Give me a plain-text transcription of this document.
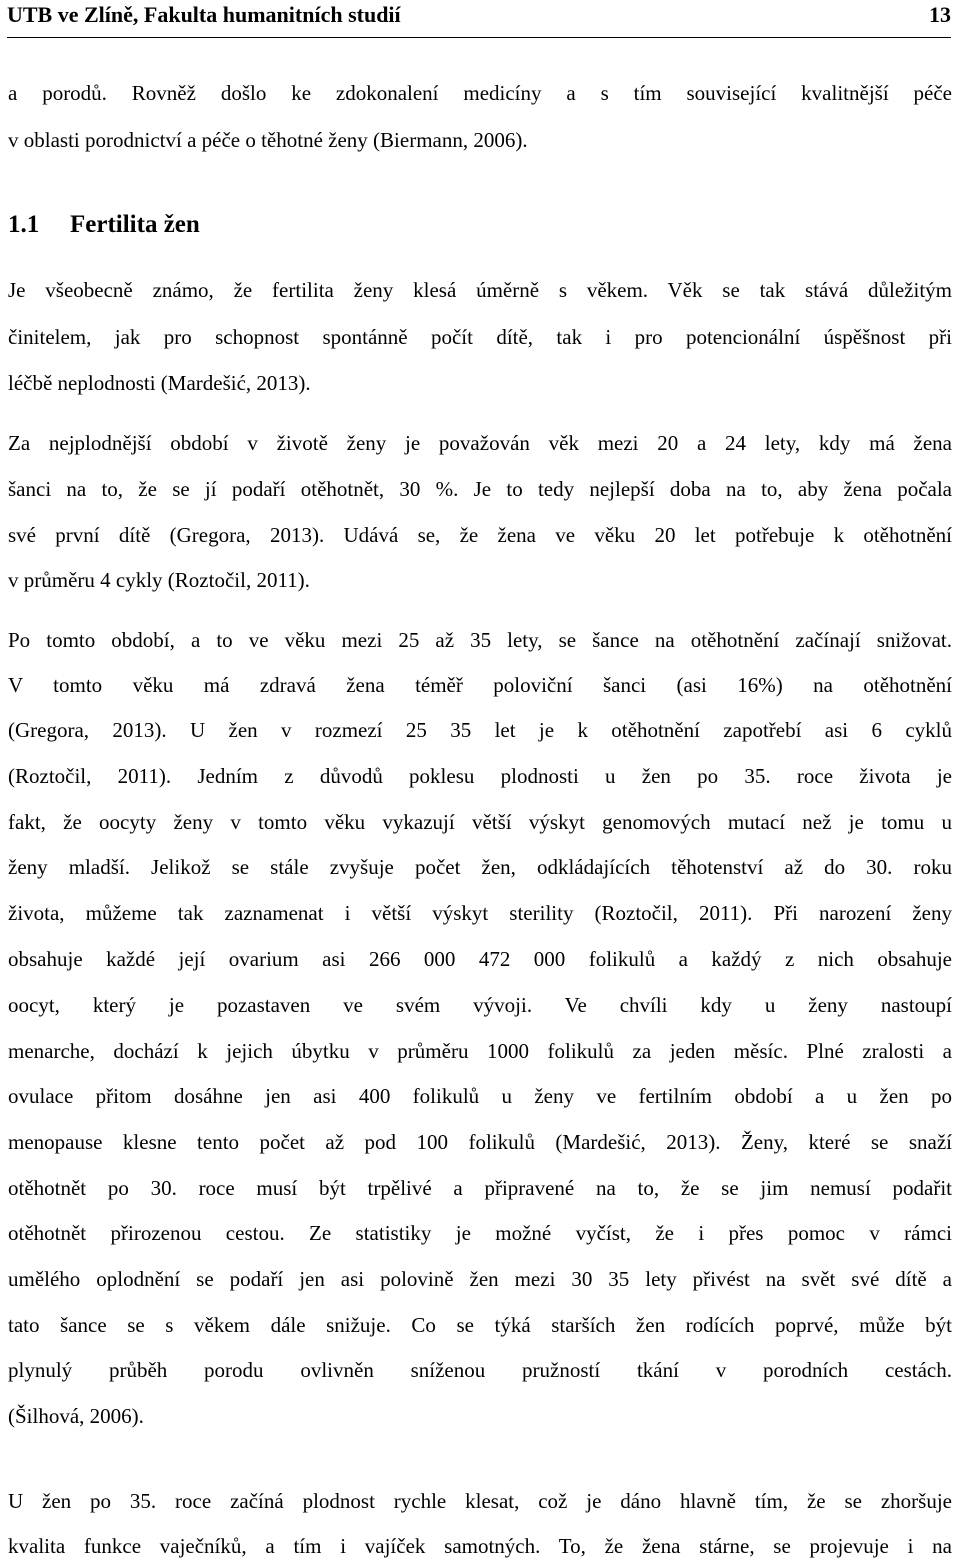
UTB ve Zlíně, Fakulta humanitních studií	13
a porodů. Rovněž došlo ke zdokonalení medicíny a s tím související kvalitnější péče
v oblasti porodnictví a péče o těhotné ženy (Biermann, 2006).
1.1 Fertilita žen
Je všeobecně známo, že fertilita ženy klesá úměrně s věkem. Věk se tak stává důležitým
činitelem, jak pro schopnost spontánně počít dítě, tak i pro potencionální úspěšnost při
léčbě neplodnosti (Mardešić, 2013).
Za nejplodnější období v životě ženy je považován věk mezi 20 a 24 lety, kdy má žena
šanci na to, že se jí podaří otěhotnět, 30 %. Je to tedy nejlepší doba na to, aby žena počala
své první dítě (Gregora, 2013). Udává se, že žena ve věku 20 let potřebuje k otěhotnění
v průměru 4 cykly (Roztočil, 2011).
Po tomto období, a to ve věku mezi 25 až 35 lety, se šance na otěhotnění začínají snižovat.
V tomto věku má zdravá žena téměř poloviční šanci (asi 16%) na otěhotnění
(Gregora, 2013). U žen v rozmezí 25 35 let je k otěhotnění zapotřebí asi 6 cyklů
(Roztočil, 2011). Jedním z důvodů poklesu plodnosti u žen po 35. roce života je
fakt, že oocyty ženy v tomto věku vykazují větší výskyt genomových mutací než je tomu u
ženy mladší. Jelikož se stále zvyšuje počet žen, odkládajících těhotenství až do 30. roku
života, můžeme tak zaznamenat i větší výskyt sterility (Roztočil, 2011). Při narození ženy
obsahuje každé její ovarium asi 266 000 472 000 folikulů a každý z nich obsahuje
oocyt, který je pozastaven ve svém vývoji. Ve chvíli kdy u ženy nastoupí
menarche, dochází k jejich úbytku v průměru 1000 folikulů za jeden měsíc. Plné zralosti a
ovulace přitom dosáhne jen asi 400 folikulů u ženy ve fertilním období a u žen po
menopause klesne tento počet až pod 100 folikulů (Mardešić, 2013). Ženy, které se snaží
otěhotnět po 30. roce musí být trpělivé a připravené na to, že se jim nemusí podařit
otěhotnět přirozenou cestou. Ze statistiky je možné vyčíst, že i přes pomoc v rámci
umělého oplodnění se podaří jen asi polovině žen mezi 30 35 lety přivést na svět své dítě a
tato šance se s věkem dále snižuje. Co se týká starších žen rodících poprvé, může být
plynulý průběh porodu ovlivněn sníženou pružností tkání v porodních cestách.
(Šilhová, 2006).
U žen po 35. roce začíná plodnost rychle klesat, což je dáno hlavně tím, že se zhoršuje
kvalita funkce vaječníků, a tím i vajíček samotných. To, že žena stárne, se projevuje i na
